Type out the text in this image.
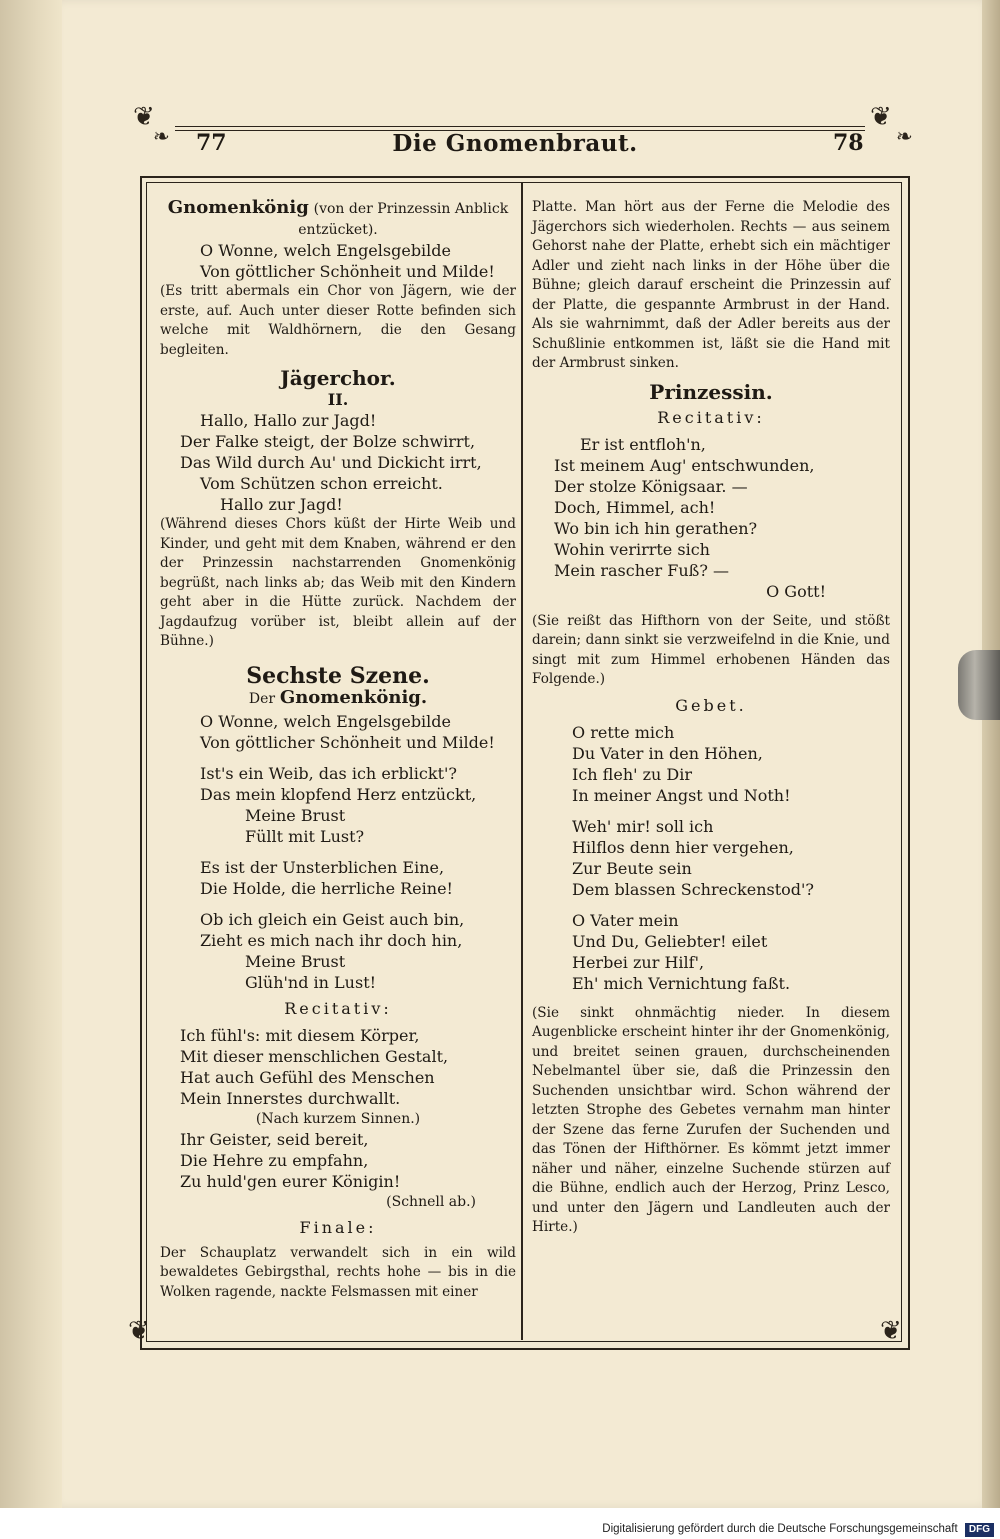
❦
❧
❦
❧
❦	❦
77	Die Gnomenbraut.	78

Gnomenkönig (von der Prinzessin Anblick entzücket).

O Wonne, welch Engelsgebilde
Von göttlicher Schönheit und Milde!

(Es tritt abermals ein Chor von Jägern, wie der erste, auf. Auch unter dieser Rotte befinden sich welche mit Waldhörnern, die den Gesang begleiten.

Jägerchor.
II.
Hallo, Hallo zur Jagd!
Der Falke steigt, der Bolze schwirrt,
Das Wild durch Au' und Dickicht irrt,
Vom Schützen schon erreicht.
Hallo zur Jagd!

(Während dieses Chors küßt der Hirte Weib und Kinder, und geht mit dem Knaben, während er den der Prinzessin nachstarrenden Gnomenkönig begrüßt, nach links ab; das Weib mit den Kindern geht aber in die Hütte zurück. Nachdem der Jagdaufzug vorüber ist, bleibt allein auf der Bühne.)

Sechste Szene.
Der Gnomenkönig.
O Wonne, welch Engelsgebilde
Von göttlicher Schönheit und Milde!
Ist's ein Weib, das ich erblickt'?
Das mein klopfend Herz entzückt,
Meine Brust
Füllt mit Lust?
Es ist der Unsterblichen Eine,
Die Holde, die herrliche Reine!
Ob ich gleich ein Geist auch bin,
Zieht es mich nach ihr doch hin,
Meine Brust
Glüh'nd in Lust!
Recitativ:
Ich fühl's: mit diesem Körper,
Mit dieser menschlichen Gestalt,
Hat auch Gefühl des Menschen
Mein Innerstes durchwallt.
(Nach kurzem Sinnen.)
Ihr Geister, seid bereit,
Die Hehre zu empfahn,
Zu huld'gen eurer Königin!
(Schnell ab.)
Finale:

Der Schauplatz verwandelt sich in ein wild bewaldetes Gebirgsthal, rechts hohe — bis in die Wolken ragende, nackte Felsmassen mit einer

Platte. Man hört aus der Ferne die Melodie des Jägerchors sich wiederholen. Rechts — aus seinem Gehorst nahe der Platte, erhebt sich ein mächtiger Adler und zieht nach links in der Höhe über die Bühne; gleich darauf erscheint die Prinzessin auf der Platte, die gespannte Armbrust in der Hand. Als sie wahrnimmt, daß der Adler bereits aus der Schußlinie entkommen ist, läßt sie die Hand mit der Armbrust sinken.

Prinzessin.
Recitativ:
Er ist entfloh'n,
Ist meinem Aug' entschwunden,
Der stolze Königsaar. —
Doch, Himmel, ach!
Wo bin ich hin gerathen?
Wohin verirrte sich
Mein rascher Fuß? —
O Gott!

(Sie reißt das Hifthorn von der Seite, und stößt darein; dann sinkt sie verzweifelnd in die Knie, und singt mit zum Himmel erhobenen Händen das Folgende.)

Gebet.
O rette mich
Du Vater in den Höhen,
Ich fleh' zu Dir
In meiner Angst und Noth!
Weh' mir! soll ich
Hilflos denn hier vergehen,
Zur Beute sein
Dem blassen Schreckenstod'?
O Vater mein
Und Du, Geliebter! eilet
Herbei zur Hilf',
Eh' mich Vernichtung faßt.

(Sie sinkt ohnmächtig nieder. In diesem Augenblicke erscheint hinter ihr der Gnomenkönig, und breitet seinen grauen, durchscheinenden Nebelmantel über sie, daß die Prinzessin den Suchenden unsichtbar wird. Schon während der letzten Strophe des Gebetes vernahm man hinter der Szene das ferne Zurufen der Suchenden und das Tönen der Hifthörner. Es kömmt jetzt immer näher und näher, einzelne Suchende stürzen auf die Bühne, endlich auch der Herzog, Prinz Lesco, und unter den Jägern und Landleuten auch der Hirte.)

Digitalisierung gefördert durch die Deutsche Forschungsgemeinschaft DFG
